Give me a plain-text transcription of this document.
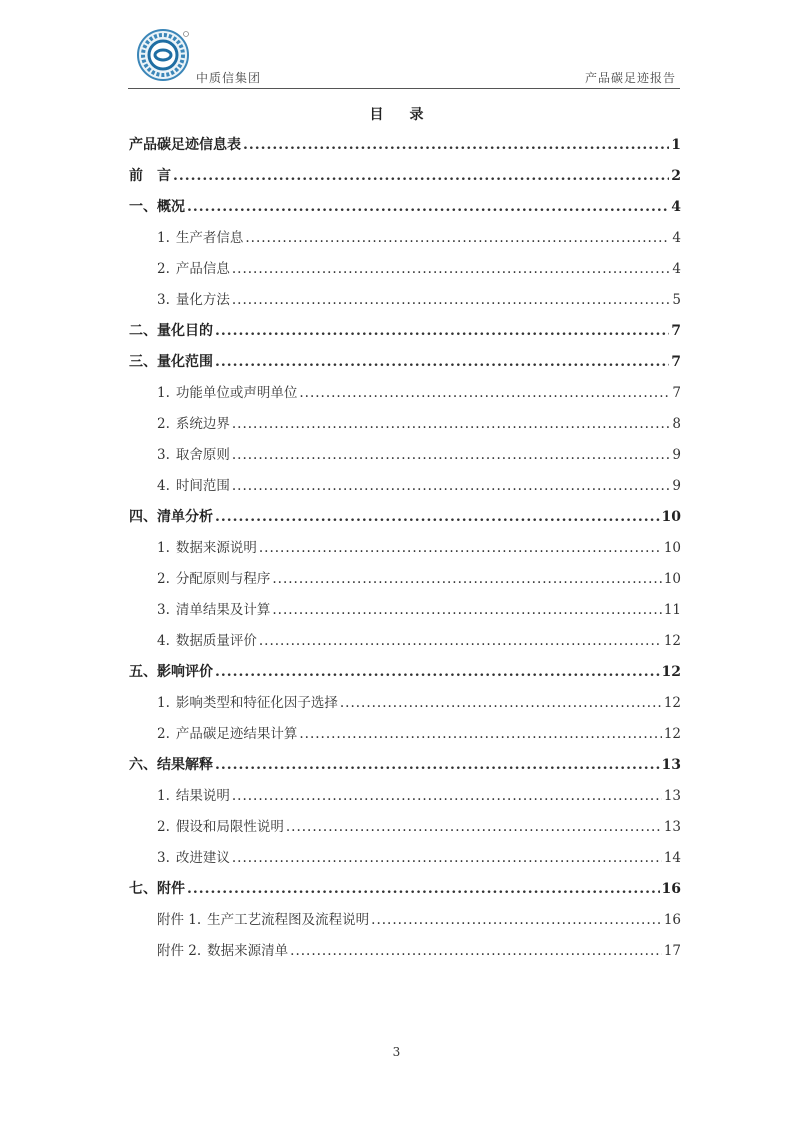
中质信集团	产品碳足迹报告
目录
产品碳足迹信息表 .....	1
前　言 .....	2
一、 概况 .....	4
1. 生产者信息 .....	4
2. 产品信息 .....	4
3. 量化方法 .....	5
二、 量化目的 .....	7
三、 量化范围 .....	7
1. 功能单位或声明单位 .....	7
2. 系统边界 .....	8
3. 取舍原则 .....	9
4. 时间范围 .....	9
四、 清单分析 .....	10
1. 数据来源说明 .....	10
2. 分配原则与程序 .....	10
3. 清单结果及计算 .....	11
4. 数据质量评价 .....	12
五、 影响评价 .....	12
1. 影响类型和特征化因子选择 .....	12
2. 产品碳足迹结果计算 .....	12
六、 结果解释 .....	13
1. 结果说明 .....	13
2. 假设和局限性说明 .....	13
3. 改进建议 .....	14
七、 附件 .....	16
附件 1. 生产工艺流程图及流程说明 .....	16
附件 2. 数据来源清单 .....	17
3
